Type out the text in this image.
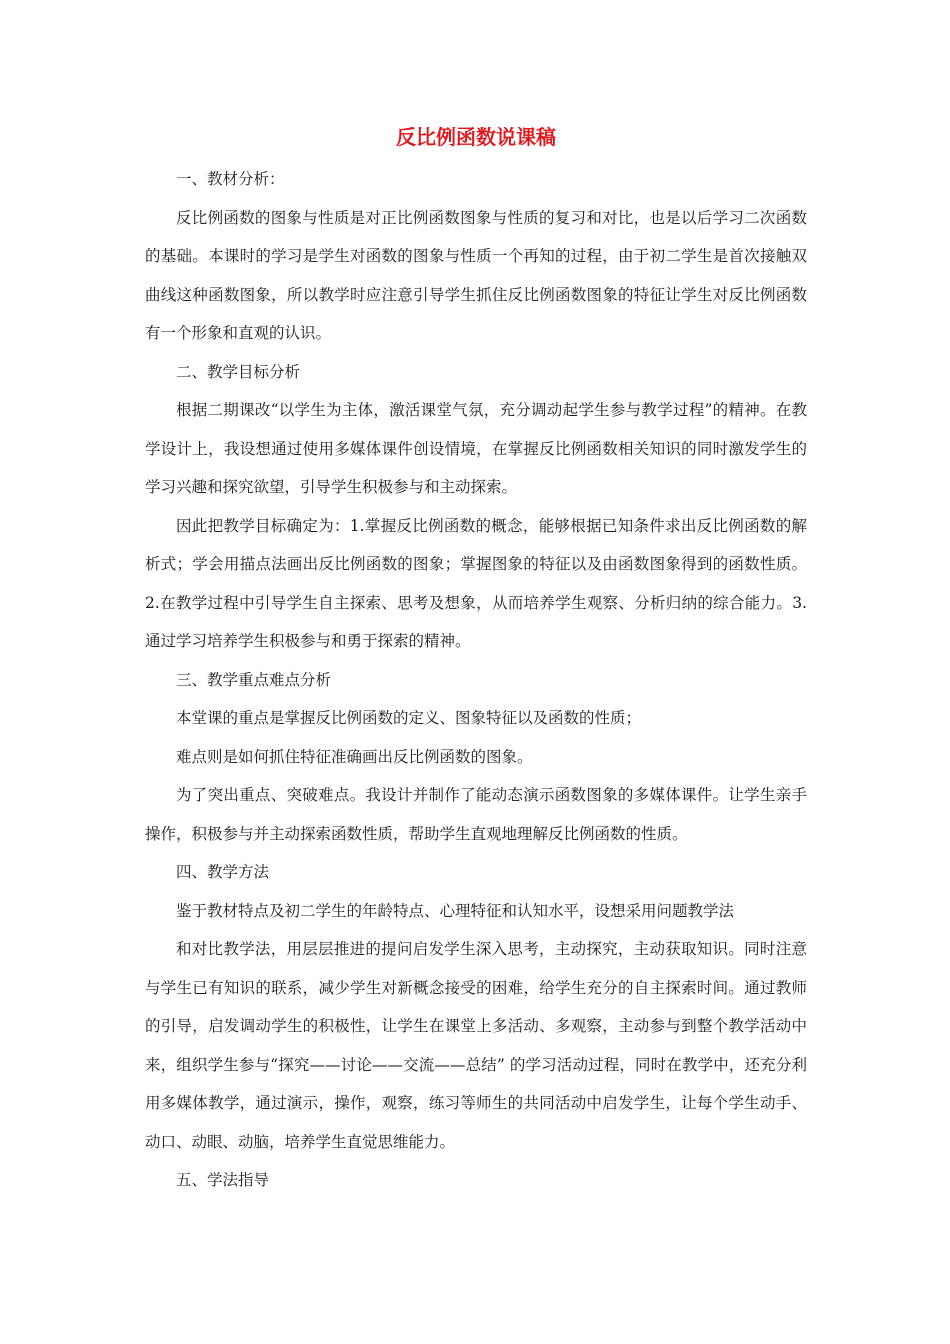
反比例函数说课稿

一、教材分析：

反比例函数的图象与性质是对正比例函数图象与性质的复习和对比，也是以后学习二次函数的基础。本课时的学习是学生对函数的图象与性质一个再知的过程，由于初二学生是首次接触双曲线这种函数图象，所以教学时应注意引导学生抓住反比例函数图象的特征让学生对反比例函数有一个形象和直观的认识。

二、教学目标分析

根据二期课改“以学生为主体，激活课堂气氛，充分调动起学生参与教学过程”的精神。在教学设计上，我设想通过使用多媒体课件创设情境，在掌握反比例函数相关知识的同时激发学生的学习兴趣和探究欲望，引导学生积极参与和主动探索。

因此把教学目标确定为：1.掌握反比例函数的概念，能够根据已知条件求出反比例函数的解析式；学会用描点法画出反比例函数的图象；掌握图象的特征以及由函数图象得到的函数性质。2.在教学过程中引导学生自主探索、思考及想象，从而培养学生观察、分析归纳的综合能力。3.通过学习培养学生积极参与和勇于探索的精神。

三、教学重点难点分析

本堂课的重点是掌握反比例函数的定义、图象特征以及函数的性质；

难点则是如何抓住特征准确画出反比例函数的图象。

为了突出重点、突破难点。我设计并制作了能动态演示函数图象的多媒体课件。让学生亲手操作，积极参与并主动探索函数性质，帮助学生直观地理解反比例函数的性质。

四、教学方法

鉴于教材特点及初二学生的年龄特点、心理特征和认知水平，设想采用问题教学法

和对比教学法，用层层推进的提问启发学生深入思考，主动探究，主动获取知识。同时注意与学生已有知识的联系，减少学生对新概念接受的困难，给学生充分的自主探索时间。通过教师的引导，启发调动学生的积极性，让学生在课堂上多活动、多观察，主动参与到整个教学活动中来，组织学生参与“探究——讨论——交流——总结” 的学习活动过程，同时在教学中，还充分利用多媒体教学，通过演示，操作，观察，练习等师生的共同活动中启发学生，让每个学生动手、动口、动眼、动脑，培养学生直觉思维能力。

五、学法指导
